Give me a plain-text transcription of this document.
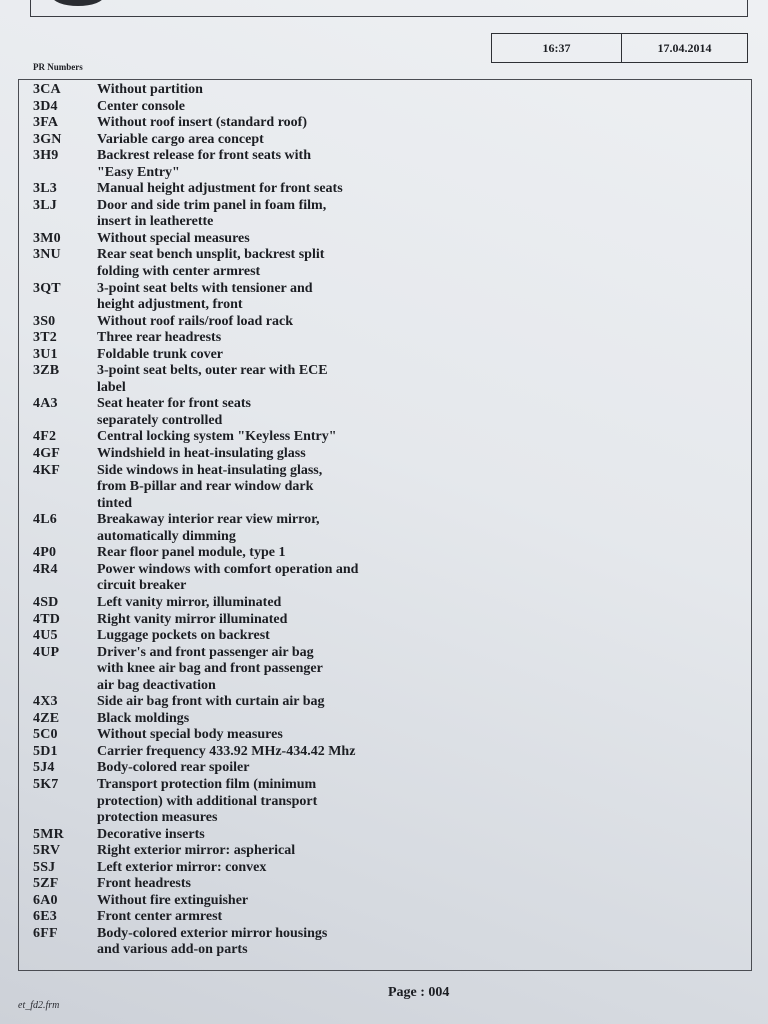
16:37	17.04.2014
PR Numbers
3CA	Without partition
3D4	Center console
3FA	Without roof insert (standard roof)
3GN	Variable cargo area concept
3H9	Backrest release for front seats with
"Easy Entry"
3L3	Manual height adjustment for front seats
3LJ	Door and side trim panel in foam film,
insert in leatherette
3M0	Without special measures
3NU	Rear seat bench unsplit, backrest split
folding with center armrest
3QT	3-point seat belts with tensioner and
height adjustment, front
3S0	Without roof rails/roof load rack
3T2	Three rear headrests
3U1	Foldable trunk cover
3ZB	3-point seat belts, outer rear with ECE
label
4A3	Seat heater for front seats
separately controlled
4F2	Central locking system "Keyless Entry"
4GF	Windshield in heat-insulating glass
4KF	Side windows in heat-insulating glass,
from B-pillar and rear window dark
tinted
4L6	Breakaway interior rear view mirror,
automatically dimming
4P0	Rear floor panel module, type 1
4R4	Power windows with comfort operation and
circuit breaker
4SD	Left vanity mirror, illuminated
4TD	Right vanity mirror illuminated
4U5	Luggage pockets on backrest
4UP	Driver's and front passenger air bag
with knee air bag and front passenger
air bag deactivation
4X3	Side air bag front with curtain air bag
4ZE	Black moldings
5C0	Without special body measures
5D1	Carrier frequency 433.92 MHz-434.42 Mhz
5J4	Body-colored rear spoiler
5K7	Transport protection film (minimum
protection) with additional transport
protection measures
5MR	Decorative inserts
5RV	Right exterior mirror: aspherical
5SJ	Left exterior mirror: convex
5ZF	Front headrests
6A0	Without fire extinguisher
6E3	Front center armrest
6FF	Body-colored exterior mirror housings
and various add-on parts
Page : 004
et_fd2.frm
